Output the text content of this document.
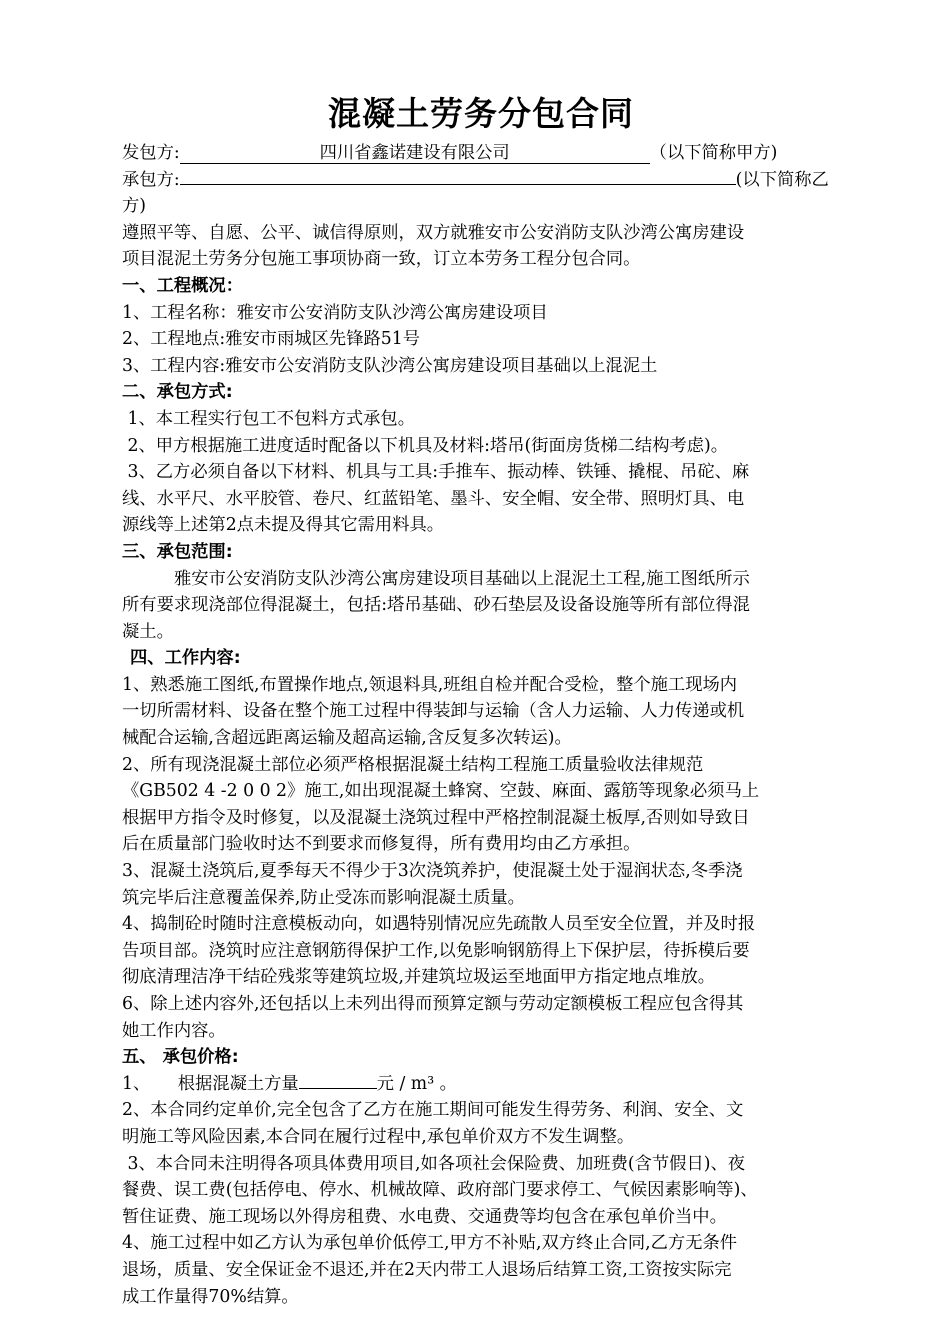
混凝土劳务分包合同

发包方:	四川省鑫诺建设有限公司	（以下简称甲方)

承包方:	(以下简称乙

方)

遵照平等、自愿、公平、诚信得原则，双方就雅安市公安消防支队沙湾公寓房建设

项目混泥土劳务分包施工事项协商一致，订立本劳务工程分包合同。

一、工程概况：

1、工程名称：雅安市公安消防支队沙湾公寓房建设项目

2、工程地点:雅安市雨城区先锋路51号

3、工程内容:雅安市公安消防支队沙湾公寓房建设项目基础以上混泥土

二、承包方式:

1、本工程实行包工不包料方式承包。

2、甲方根据施工进度适时配备以下机具及材料:塔吊(街面房货梯二结构考虑)。

3、乙方必须自备以下材料、机具与工具:手推车、振动棒、铁锤、撬棍、吊砣、麻

线、水平尺、水平胶管、卷尺、红蓝铅笔、墨斗、安全帽、安全带、照明灯具、电

源线等上述第2点未提及得其它需用料具。

三、承包范围:

雅安市公安消防支队沙湾公寓房建设项目基础以上混泥土工程,施工图纸所示

所有要求现浇部位得混凝土，包括:塔吊基础、砂石垫层及设备设施等所有部位得混

凝土。

四、工作内容:

1、熟悉施工图纸,布置操作地点,领退料具,班组自检并配合受检，整个施工现场内

一切所需材料、设备在整个施工过程中得装卸与运输（含人力运输、人力传递或机

械配合运输,含超远距离运输及超高运输,含反复多次转运)。

2、所有现浇混凝土部位必须严格根据混凝土结构工程施工质量验收法律规范

《GB502 4 -2 0 0 2》施工,如出现混凝土蜂窝、空鼓、麻面、露筋等现象必须马上

根据甲方指令及时修复，以及混凝土浇筑过程中严格控制混凝土板厚,否则如导致日

后在质量部门验收时达不到要求而修复得，所有费用均由乙方承担。

3、混凝土浇筑后,夏季每天不得少于3次浇筑养护，使混凝土处于湿润状态,冬季浇

筑完毕后注意覆盖保养,防止受冻而影响混凝土质量。

4、捣制砼时随时注意模板动向，如遇特别情况应先疏散人员至安全位置，并及时报

告项目部。浇筑时应注意钢筋得保护工作,以免影响钢筋得上下保护层，待拆模后要

彻底清理洁净干结砼残浆等建筑垃圾,并建筑垃圾运至地面甲方指定地点堆放。

6、除上述内容外,还包括以上未列出得而预算定额与劳动定额模板工程应包含得其

她工作内容。

五、 承包价格:

1、     根据混凝土方量	元 / m³ 。

2、本合同约定单价,完全包含了乙方在施工期间可能发生得劳务、利润、安全、文

明施工等风险因素,本合同在履行过程中,承包单价双方不发生调整。

3、本合同未注明得各项具体费用项目,如各项社会保险费、加班费(含节假日)、夜

餐费、误工费(包括停电、停水、机械故障、政府部门要求停工、气候因素影响等)、

暂住证费、施工现场以外得房租费、水电费、交通费等均包含在承包单价当中。

4、施工过程中如乙方认为承包单价低停工,甲方不补贴,双方终止合同,乙方无条件

退场，质量、安全保证金不退还,并在2天内带工人退场后结算工资,工资按实际完

成工作量得70%结算。
